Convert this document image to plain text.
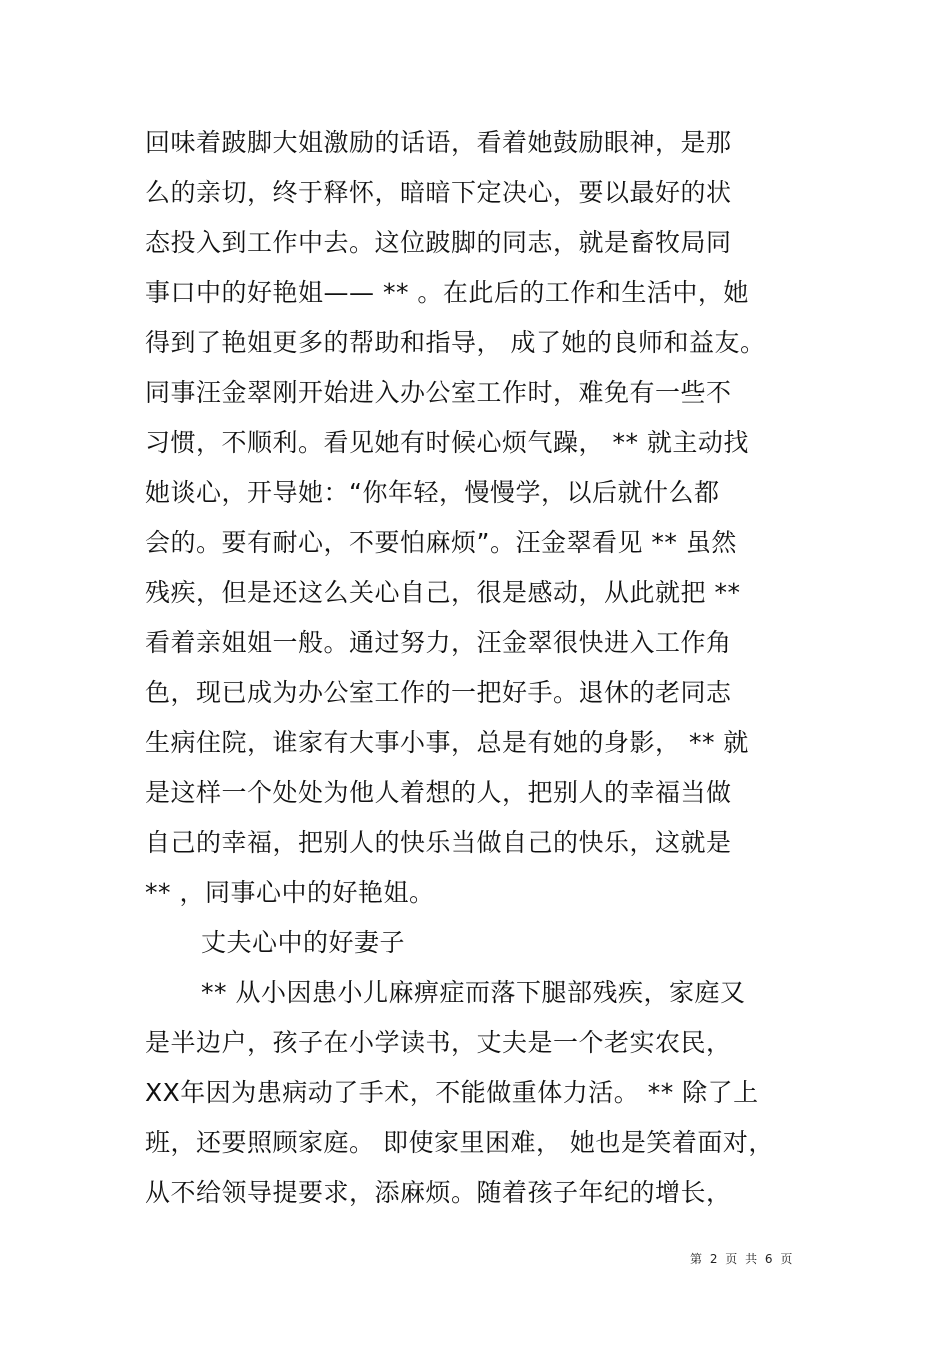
回味着跛脚大姐激励的话语，看着她鼓励眼神，是那
么的亲切，终于释怀，暗暗下定决心，要以最好的状
态投入到工作中去。这位跛脚的同志，就是畜牧局同
事口中的好艳姐—— ** 。在此后的工作和生活中，她
得到了艳姐更多的帮助和指导， 成了她的良师和益友。
同事汪金翠刚开始进入办公室工作时，难免有一些不
习惯，不顺利。看见她有时候心烦气躁， ** 就主动找
她谈心，开导她：“你年轻，慢慢学，以后就什么都
会的。要有耐心，不要怕麻烦”。汪金翠看见 ** 虽然
残疾，但是还这么关心自己，很是感动，从此就把 **
看着亲姐姐一般。通过努力，汪金翠很快进入工作角
色，现已成为办公室工作的一把好手。退休的老同志
生病住院，谁家有大事小事，总是有她的身影， ** 就
是这样一个处处为他人着想的人，把别人的幸福当做
自己的幸福，把别人的快乐当做自己的快乐，这就是
** ，同事心中的好艳姐。
丈夫心中的好妻子
** 从小因患小儿麻痹症而落下腿部残疾，家庭又
是半边户，孩子在小学读书，丈夫是一个老实农民，
XX年因为患病动了手术，不能做重体力活。 ** 除了上
班，还要照顾家庭。 即使家里困难， 她也是笑着面对，
从不给领导提要求，添麻烦。随着孩子年纪的增长，
第 2 页 共 6 页
